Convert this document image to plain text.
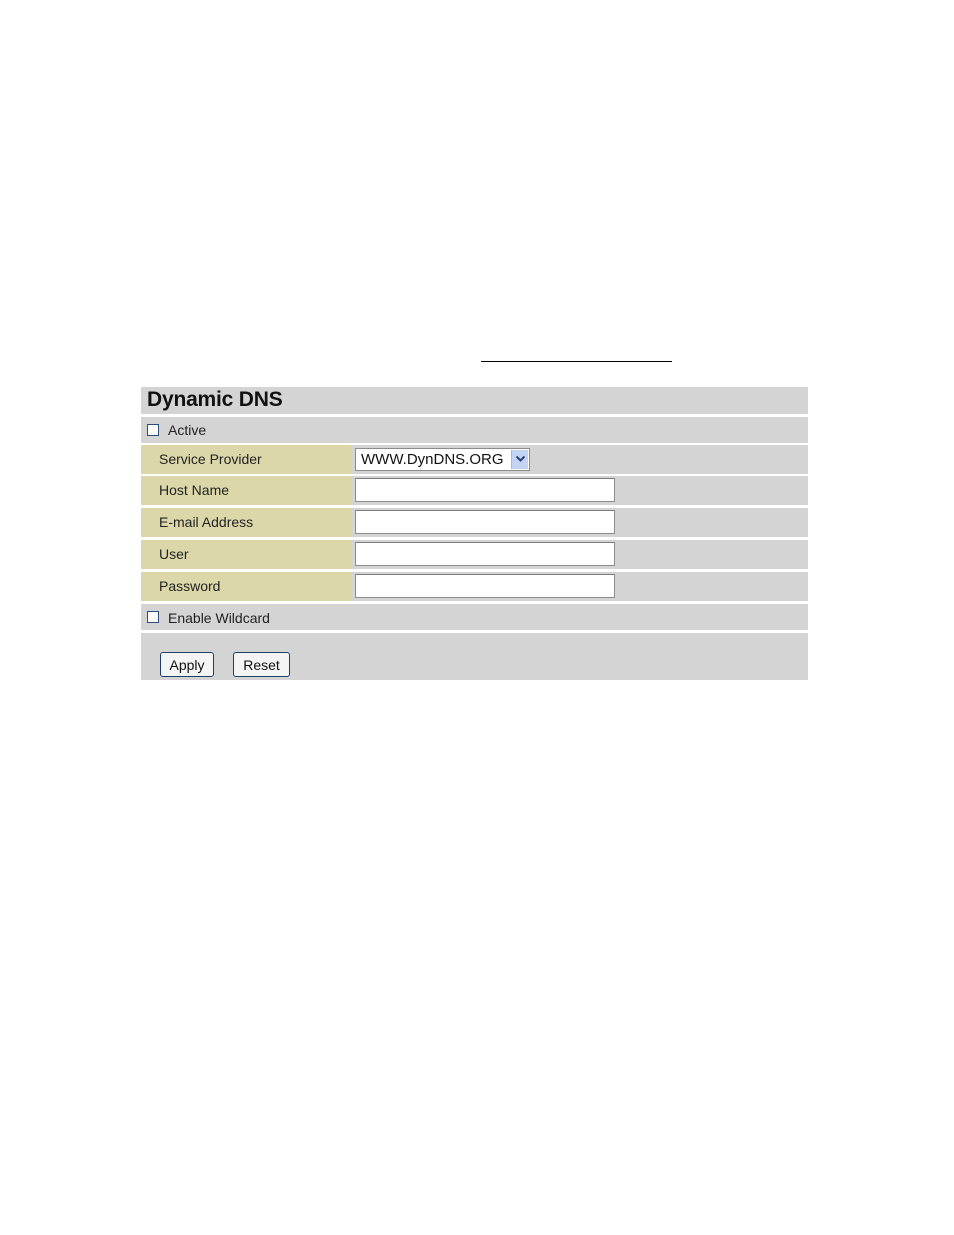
Dynamic DNS
Active
Service Provider	WWW.DynDNS.ORG
Host Name
E-mail Address
User
Password
Enable Wildcard
Apply	Reset
